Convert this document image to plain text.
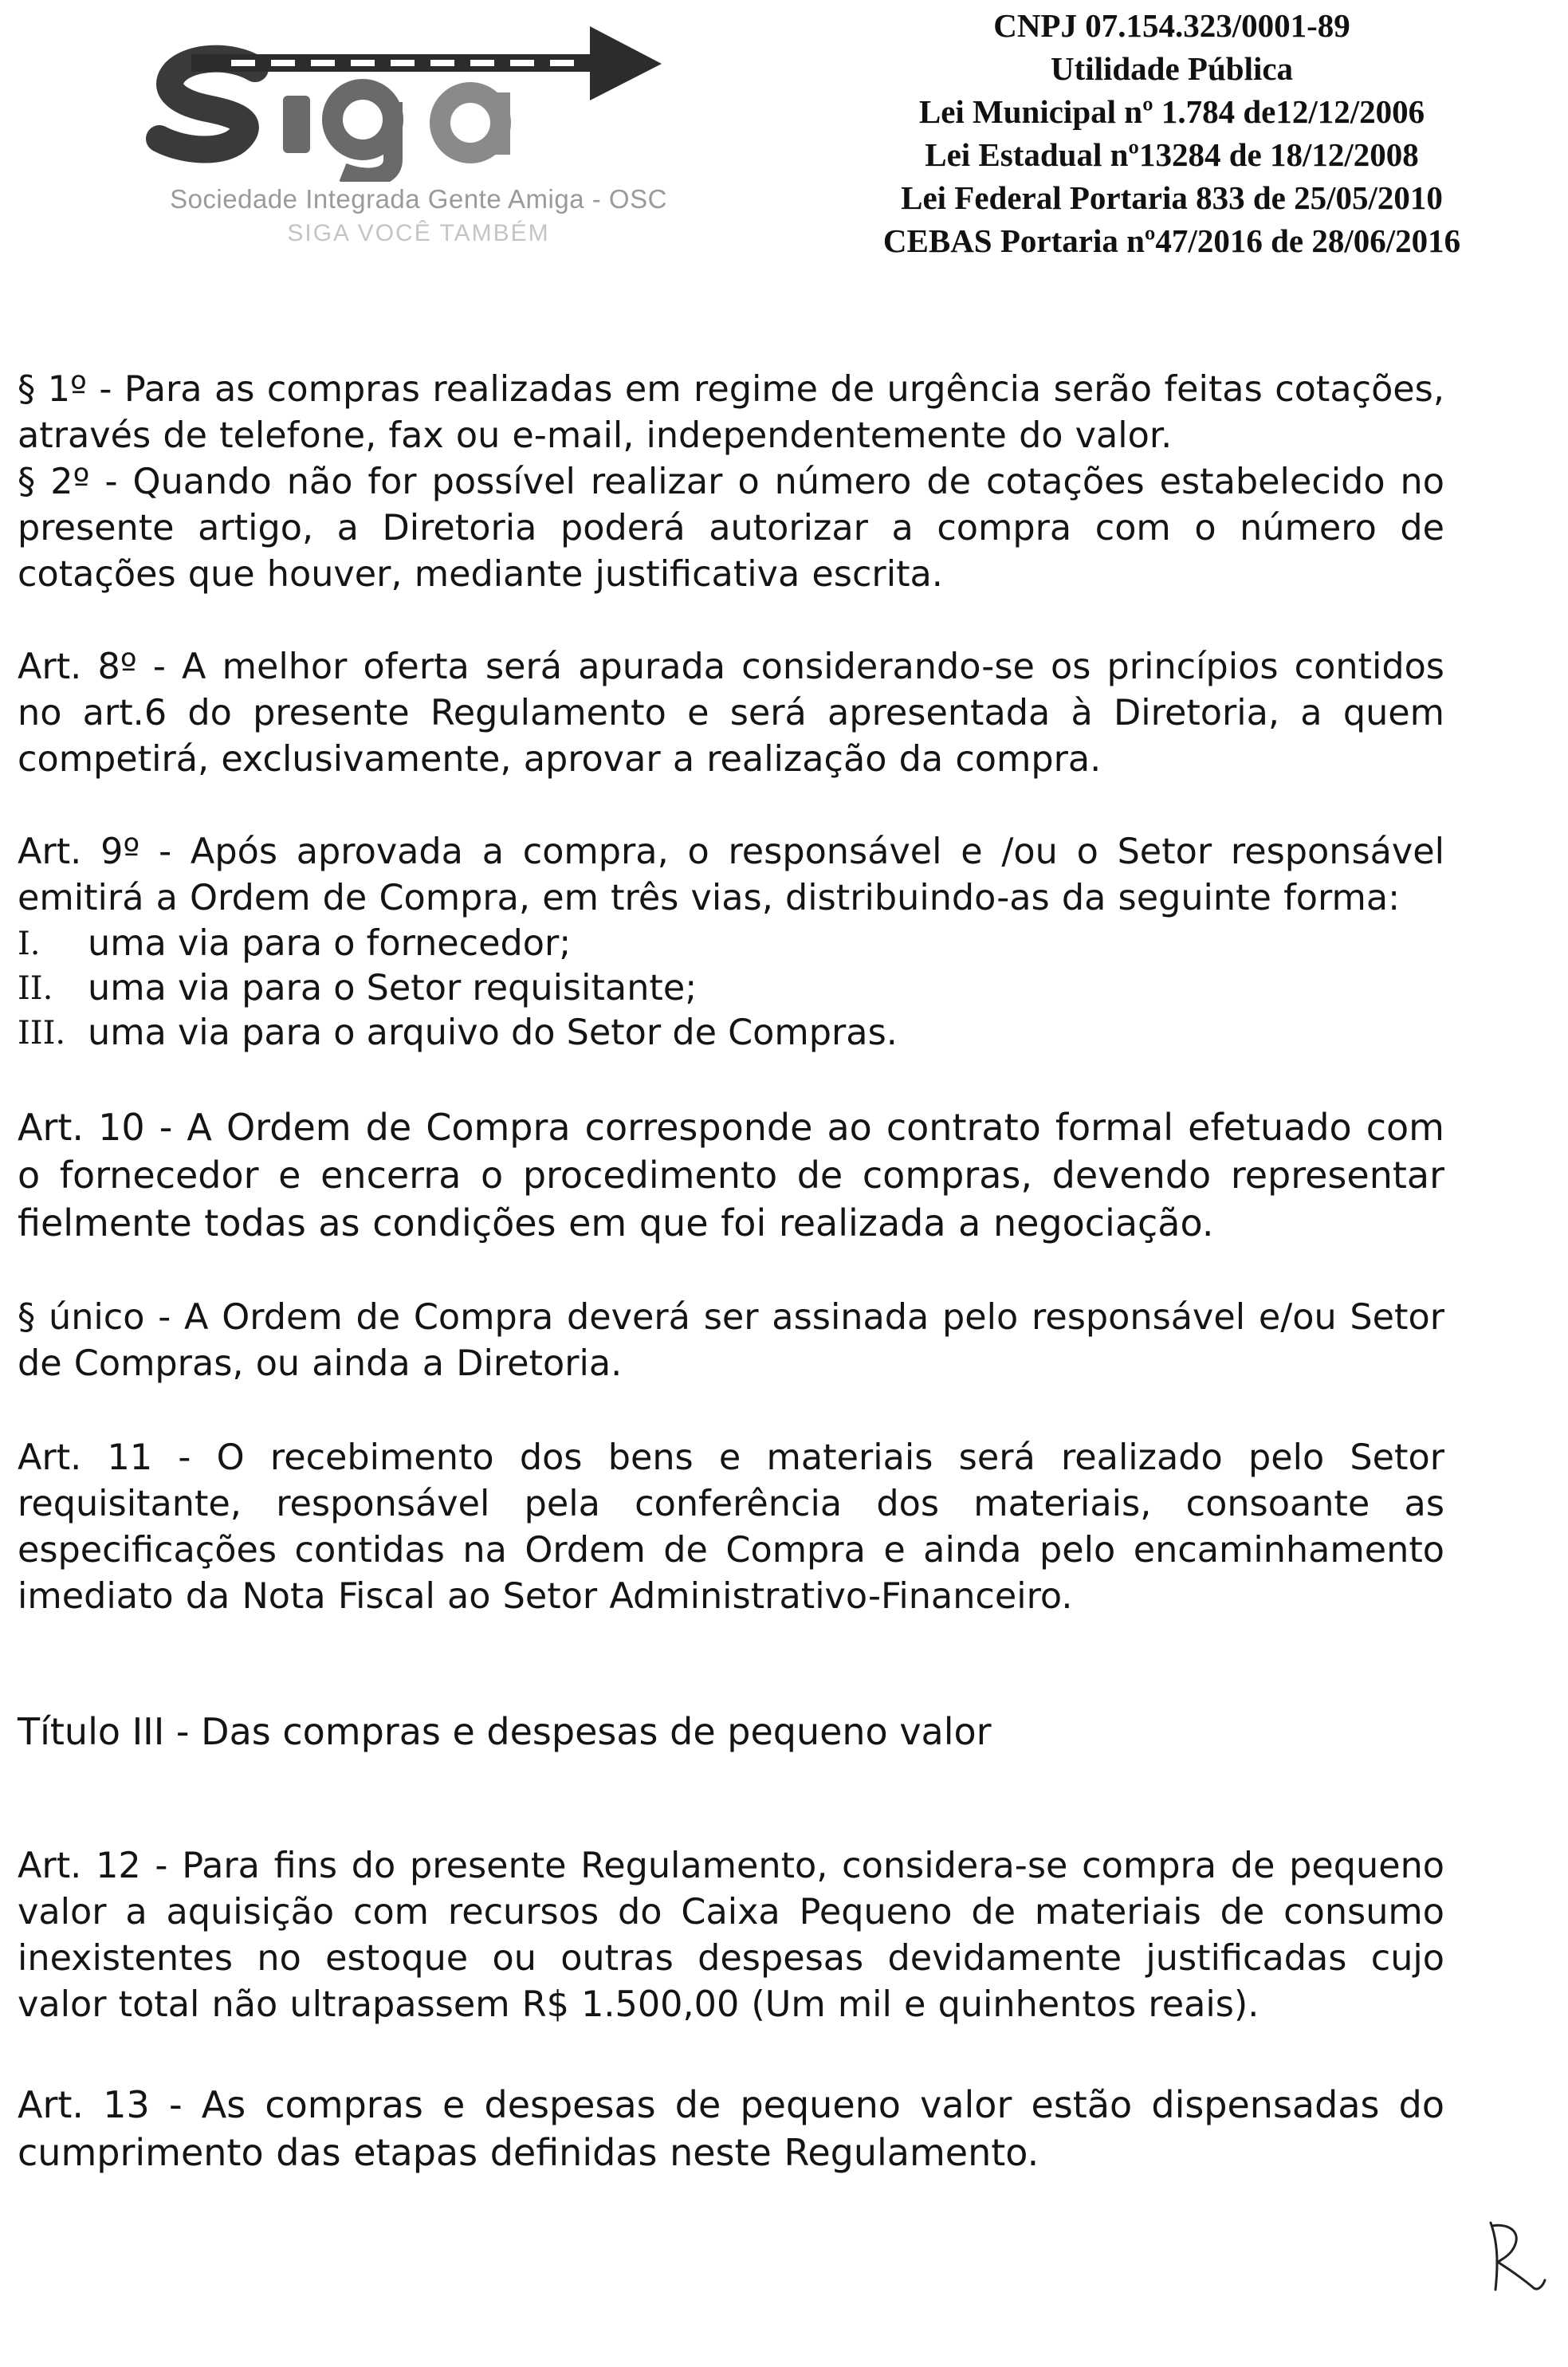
Sociedade Integrada Gente Amiga - OSC
SIGA VOCÊ TAMBÉM
CNPJ 07.154.323/0001-89
Utilidade Pública
Lei Municipal nº 1.784 de12/12/2006
Lei Estadual nº13284 de 18/12/2008
Lei Federal Portaria 833 de 25/05/2010
CEBAS Portaria nº47/2016 de 28/06/2016

§ 1º - Para as compras realizadas em regime de urgência serão feitas cotações, através de telefone, fax ou e-mail, independentemente do valor.

§ 2º - Quando não for possível realizar o número de cotações estabelecido no presente artigo, a Diretoria poderá autorizar a compra com o número de cotações que houver, mediante justificativa escrita.

Art. 8º - A melhor oferta será apurada considerando-se os princípios contidos no art.6 do presente Regulamento e será apresentada à Diretoria, a quem competirá, exclusivamente, aprovar a realização da compra.

Art. 9º - Após aprovada a compra, o responsável e /ou o Setor responsável emitirá a Ordem de Compra, em três vias, distribuindo-as da seguinte forma:

I.	uma via para o fornecedor;
II. uma via para o Setor requisitante;
III. uma via para o arquivo do Setor de Compras.

Art. 10 - A Ordem de Compra corresponde ao contrato formal efetuado com o fornecedor e encerra o procedimento de compras, devendo representar fielmente todas as condições em que foi realizada a negociação.

§ único - A Ordem de Compra deverá ser assinada pelo responsável e/ou Setor de Compras, ou ainda a Diretoria.

Art. 11 - O recebimento dos bens e materiais será realizado pelo Setor requisitante, responsável pela conferência dos materiais, consoante as especificações contidas na Ordem de Compra e ainda pelo encaminhamento imediato da Nota Fiscal ao Setor Administrativo-Financeiro.

Título III - Das compras e despesas de pequeno valor

Art. 12 - Para fins do presente Regulamento, considera-se compra de pequeno valor a aquisição com recursos do Caixa Pequeno de materiais de consumo inexistentes no estoque ou outras despesas devidamente justificadas cujo valor total não ultrapassem R$ 1.500,00 (Um mil e quinhentos reais).

Art. 13 - As compras e despesas de pequeno valor estão dispensadas do cumprimento das etapas definidas neste Regulamento.
